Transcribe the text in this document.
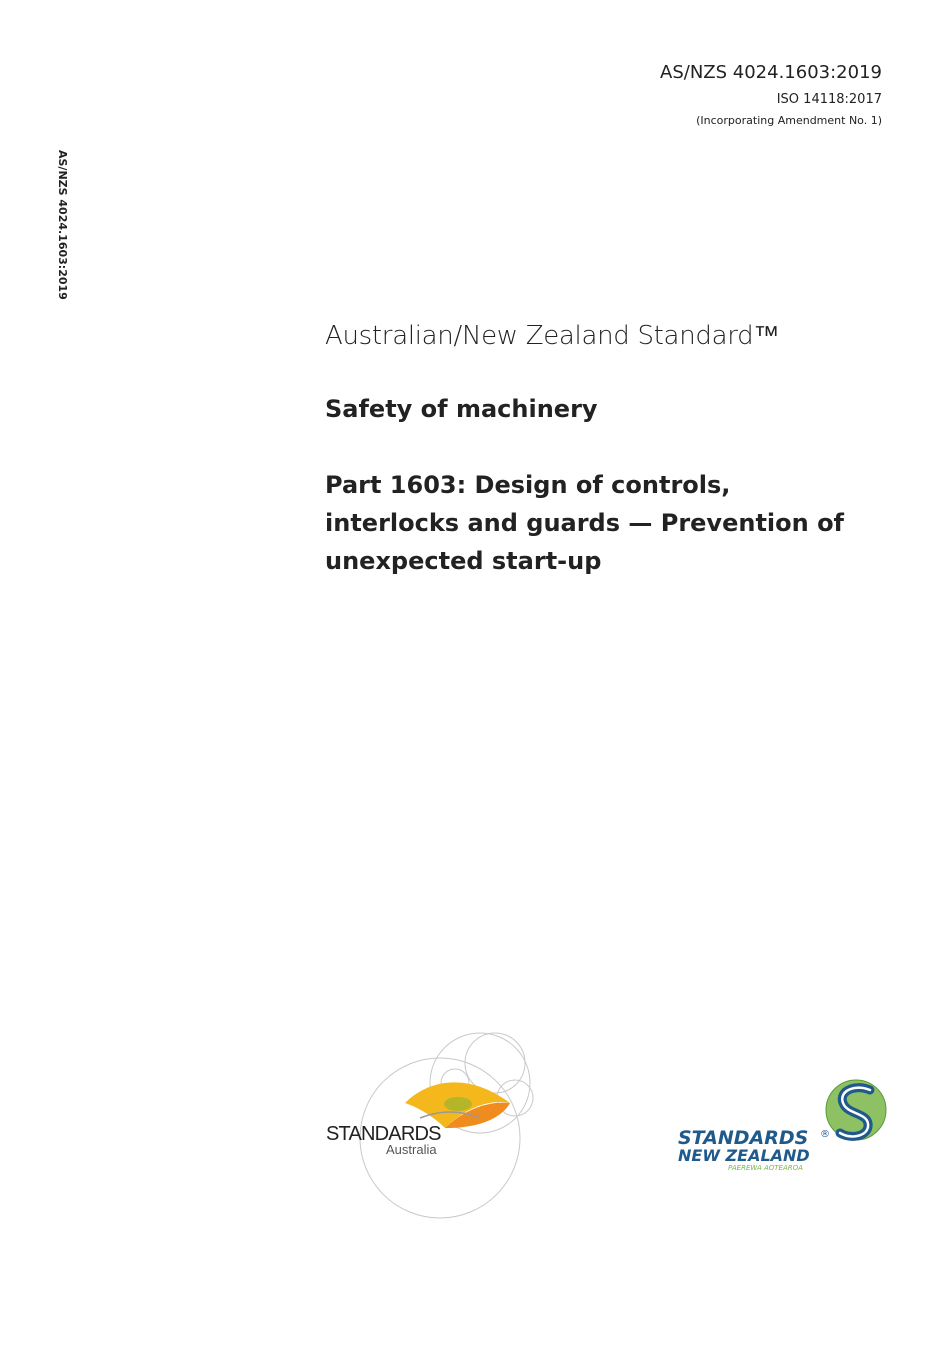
AS/NZS 4024.1603:2019
ISO 14118:2017
(Incorporating Amendment No. 1)
AS/NZS 4024.1603:2019
Australian/New Zealand Standard™
Safety of machinery
Part 1603: Design of controls,
interlocks and guards — Prevention of
unexpected start-up
STANDARDS
Australia
STANDARDS ®
NEW ZEALAND
PAEREWA AOTEAROA
